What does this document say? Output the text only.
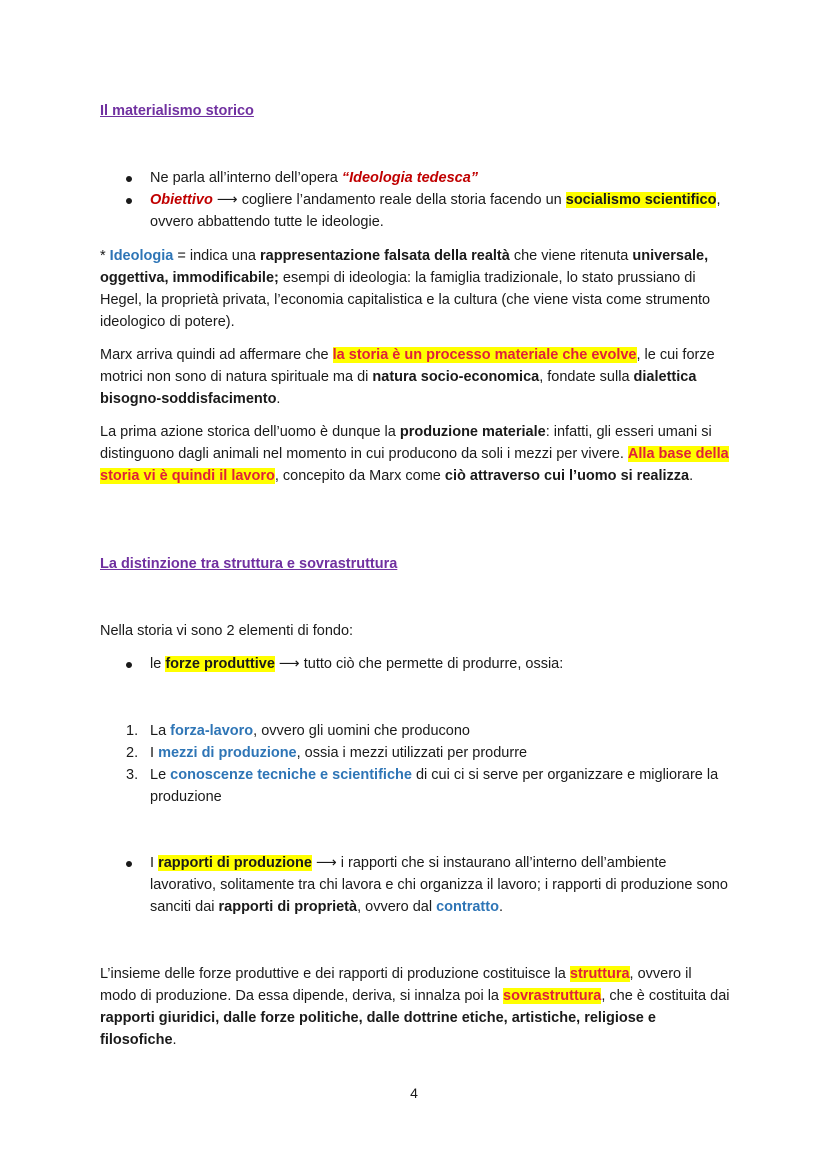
Il materialismo storico
Ne parla all’interno dell’opera “Ideologia tedesca”
Obiettivo ⟶ cogliere l’andamento reale della storia facendo un socialismo scientifico, ovvero abbattendo tutte le ideologie.
* Ideologia = indica una rappresentazione falsata della realtà che viene ritenuta universale, oggettiva, immodificabile; esempi di ideologia: la famiglia tradizionale, lo stato prussiano di Hegel, la proprietà privata, l’economia capitalistica e la cultura (che viene vista come strumento ideologico di potere).
Marx arriva quindi ad affermare che la storia è un processo materiale che evolve, le cui forze motrici non sono di natura spirituale ma di natura socio-economica, fondate sulla dialettica bisogno-soddisfacimento.
La prima azione storica dell’uomo è dunque la produzione materiale: infatti, gli esseri umani si distinguono dagli animali nel momento in cui producono da soli i mezzi per vivere. Alla base della storia vi è quindi il lavoro, concepito da Marx come ciò attraverso cui l’uomo si realizza.
La distinzione tra struttura e sovrastruttura
Nella storia vi sono 2 elementi di fondo:
le forze produttive ⟶ tutto ciò che permette di produrre, ossia:
1. La forza-lavoro, ovvero gli uomini che producono
2. I mezzi di produzione, ossia i mezzi utilizzati per produrre
3. Le conoscenze tecniche e scientifiche di cui ci si serve per organizzare e migliorare la produzione
I rapporti di produzione ⟶ i rapporti che si instaurano all’interno dell’ambiente lavorativo, solitamente tra chi lavora e chi organizza il lavoro; i rapporti di produzione sono sanciti dai rapporti di proprietà, ovvero dal contratto.
L’insieme delle forze produttive e dei rapporti di produzione costituisce la struttura, ovvero il modo di produzione. Da essa dipende, deriva, si innalza poi la sovrastruttura, che è costituita dai rapporti giuridici, dalle forze politiche, dalle dottrine etiche, artistiche, religiose e filosofiche.
4
